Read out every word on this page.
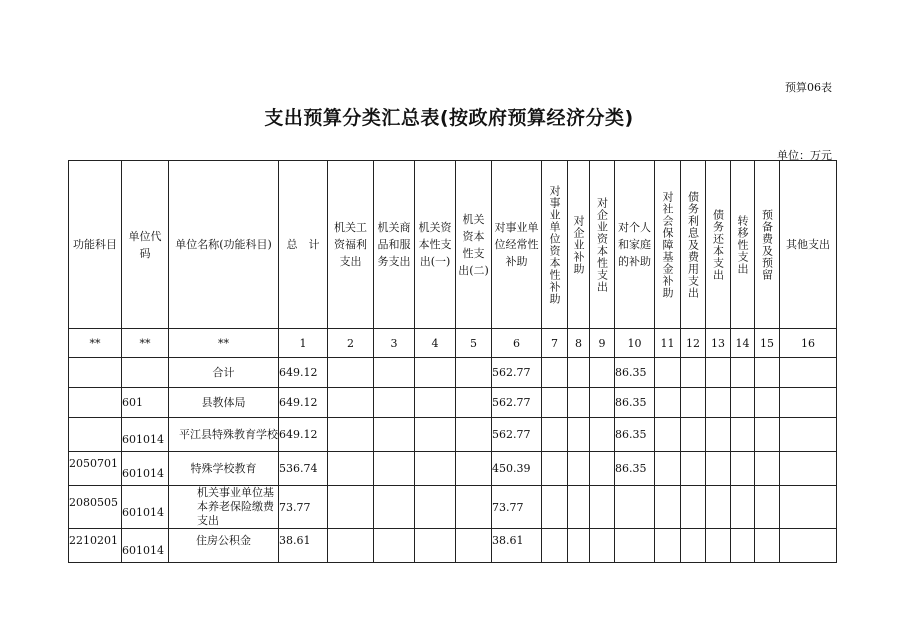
预算06表
支出预算分类汇总表(按政府预算经济分类)
单位：万元
功能科目	单位代码	单位名称(功能科目)	总　计	机关工资福利支出	机关商品和服务支出	机关资本性支出(一)	机关资本性支出(二)	对事业单位经常性补助	对事业单位资本性补助	对企业补助	对企业资本性支出	对个人和家庭的补助	对社会保障基金补助	债务利息及费用支出	债务还本支出	转移性支出	预备费及预留	其他支出
**	**	**	1	2	3	4	5	6	7	8	9	10	11	12	13	14	15	16
		合计	649.12					562.77				86.35						
	601	县教体局	649.12					562.77				86.35						

	601014	平江县特殊教育学校	649.12					562.77				86.35						

2050701	601014	特殊学校教育	536.74					450.39				86.35						

2080505	601014	机关事业单位基本养老保险缴费支出	73.77					73.77										

2210201	601014	住房公积金	38.61					38.61										
